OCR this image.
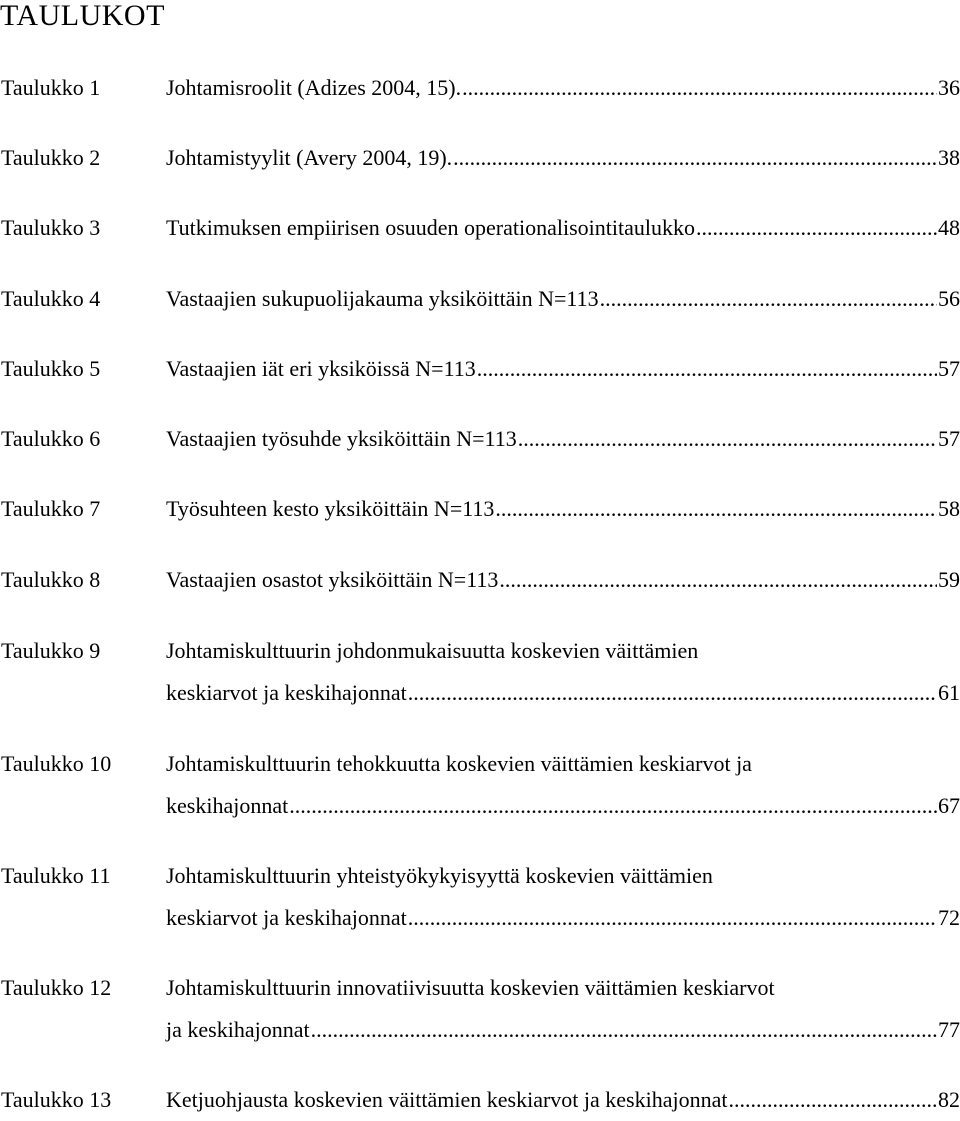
TAULUKOT
Taulukko 1	Johtamisroolit (Adizes 2004, 15). .....	36
Taulukko 2	Johtamistyylit (Avery 2004, 19). .....	38
Taulukko 3	Tutkimuksen empiirisen osuuden operationalisointitaulukko .....	48
Taulukko 4	Vastaajien sukupuolijakauma yksiköittäin N=113 .....	56
Taulukko 5	Vastaajien iät eri yksiköissä N=113 .....	57
Taulukko 6	Vastaajien työsuhde yksiköittäin N=113 .....	57
Taulukko 7	Työsuhteen kesto yksiköittäin N=113 .....	58
Taulukko 8	Vastaajien osastot yksiköittäin N=113 .....	59
Taulukko 9	Johtamiskulttuurin johdonmukaisuutta koskevien väittämien
keskiarvot ja keskihajonnat .....	61
Taulukko 10 Johtamiskulttuurin tehokkuutta koskevien väittämien keskiarvot ja
keskihajonnat .....	67
Taulukko 11	Johtamiskulttuurin yhteistyökykyisyyttä koskevien väittämien
keskiarvot ja keskihajonnat .....	72
Taulukko 12 Johtamiskulttuurin innovatiivisuutta koskevien väittämien keskiarvot
ja keskihajonnat .....	77
Taulukko 13 Ketjuohjausta koskevien väittämien keskiarvot ja keskihajonnat .....	82
